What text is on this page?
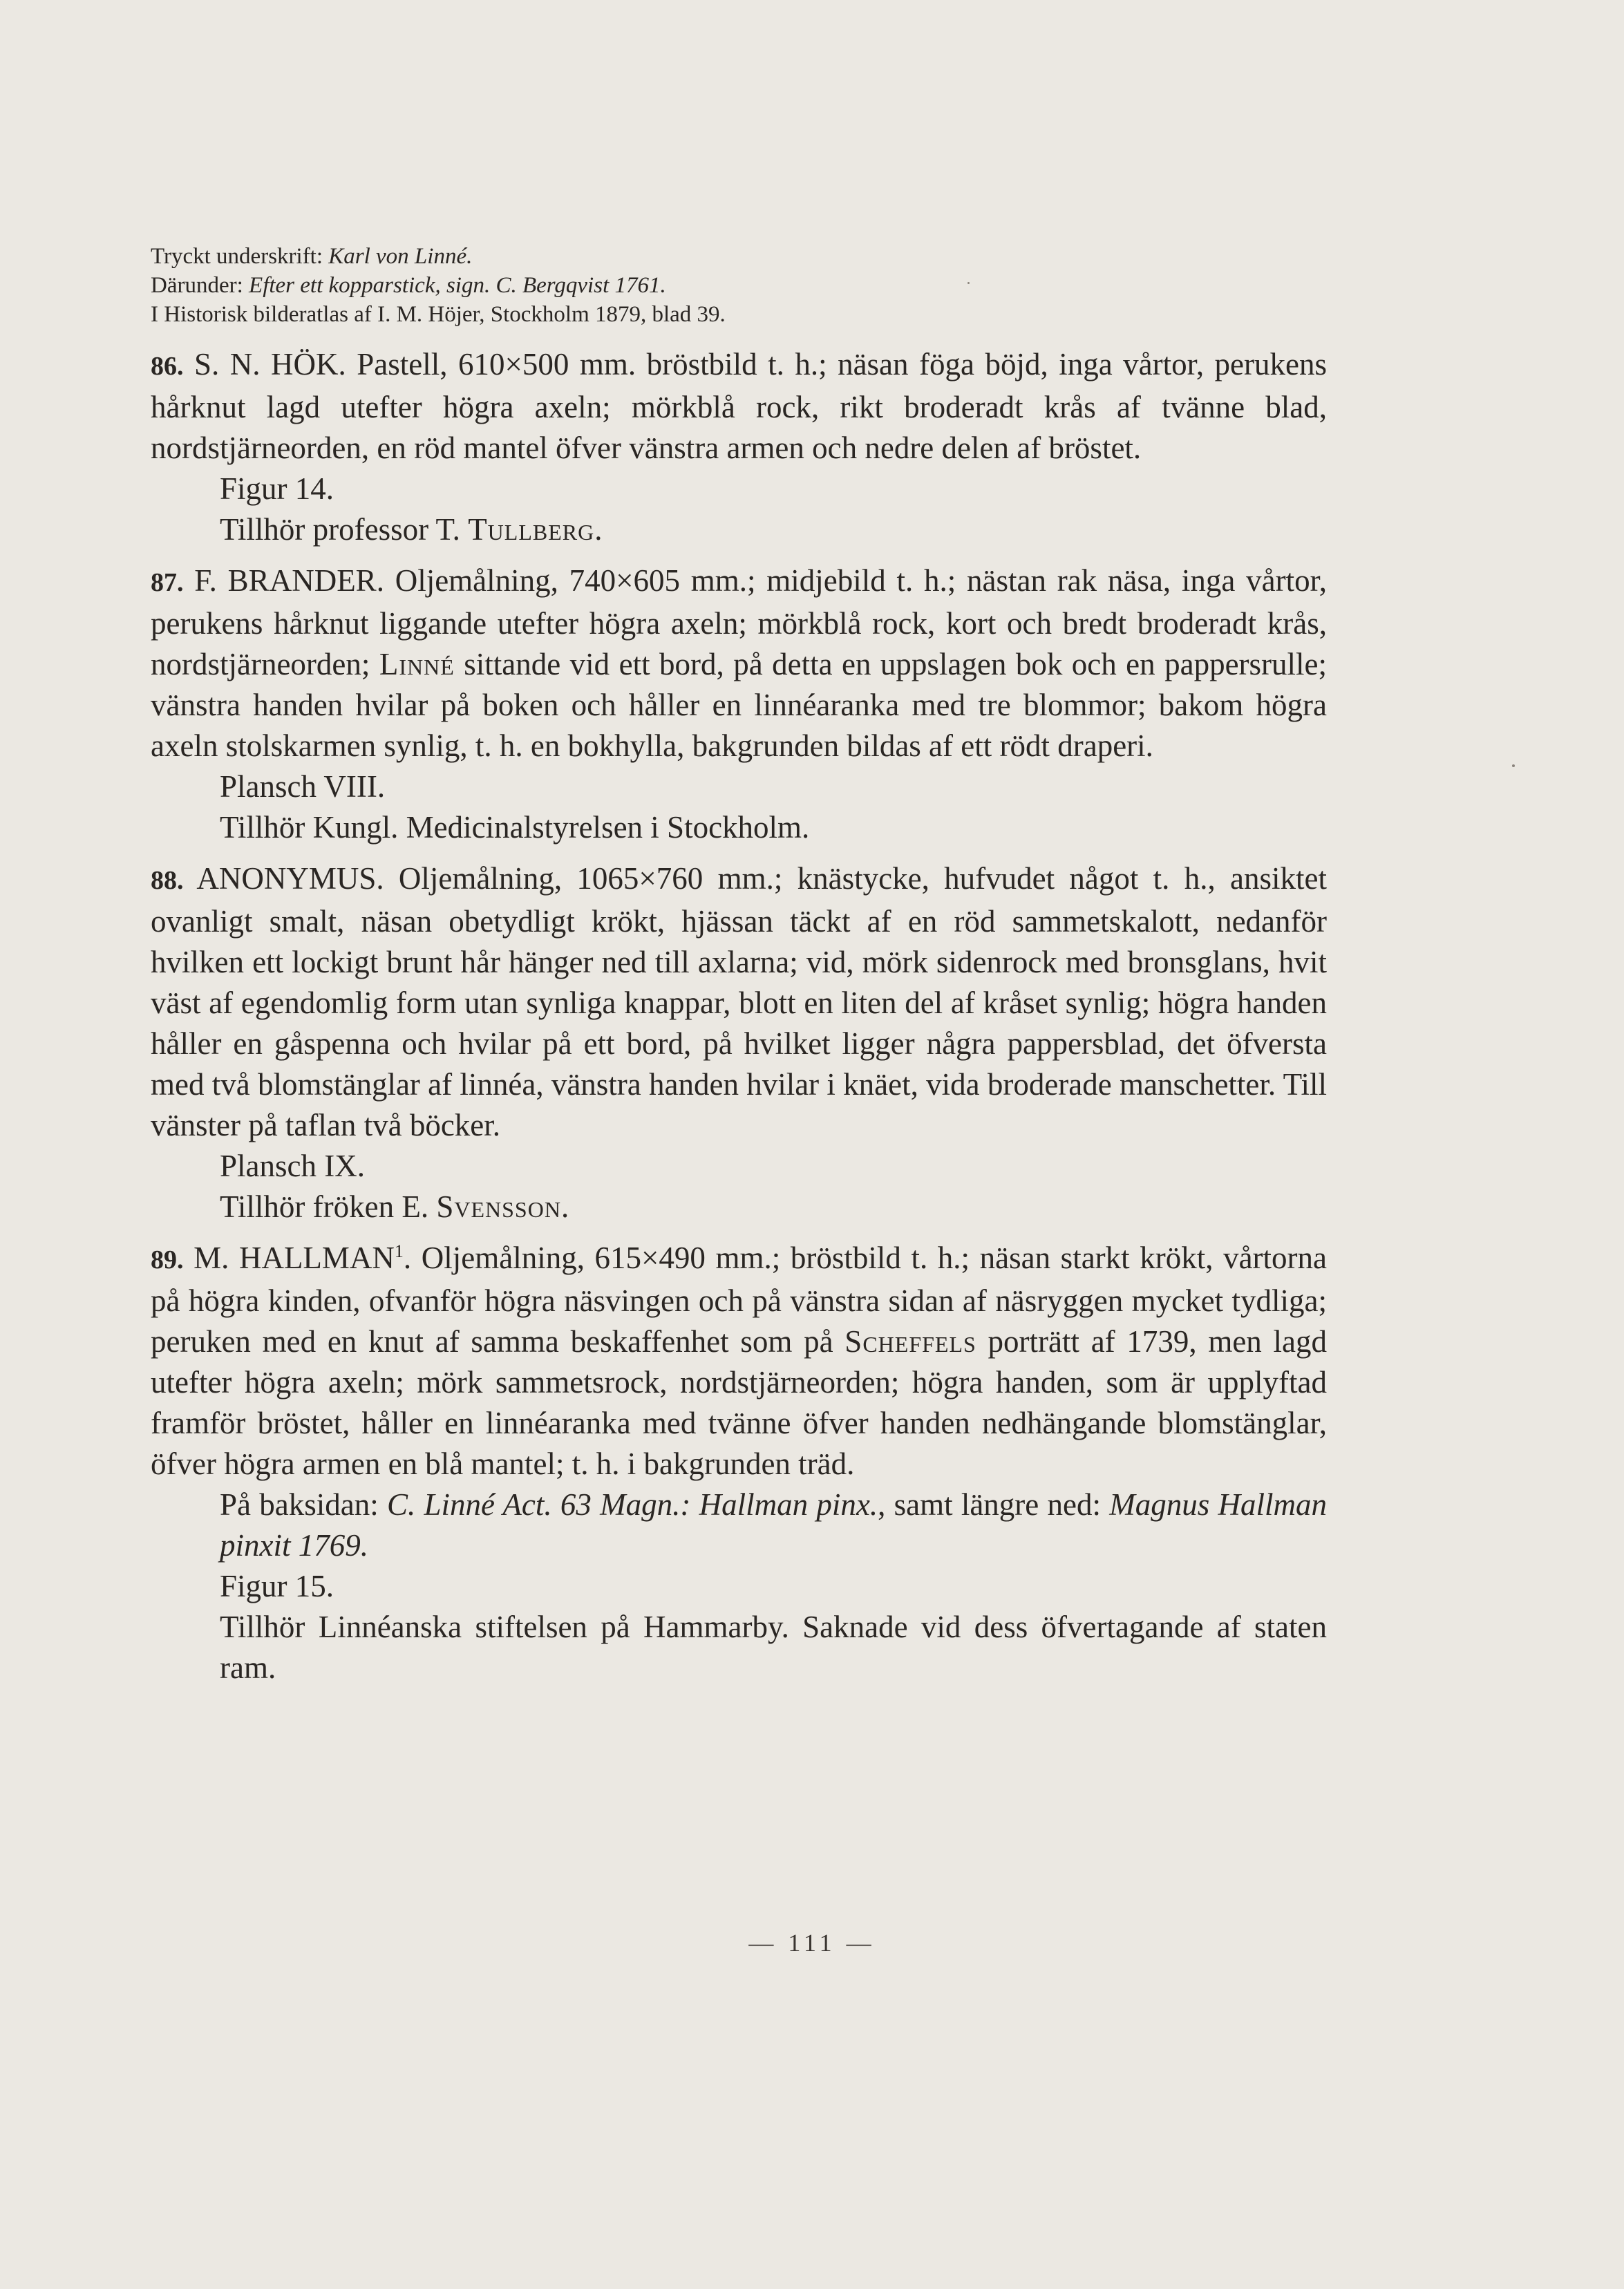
Tryckt underskrift: Karl von Linné.

Därunder: Efter ett kopparstick, sign. C. Bergqvist 1761.

I Historisk bilderatlas af I. M. Höjer, Stockholm 1879, blad 39.

86. S. N. HÖK. Pastell, 610×500 mm. bröstbild t. h.; näsan föga böjd, inga vårtor, perukens hårknut lagd utefter högra axeln; mörkblå rock, rikt broderadt krås af tvänne blad, nordstjärneorden, en röd mantel öfver vänstra armen och nedre delen af bröstet.

Figur 14.

Tillhör professor T. Tullberg.

87. F. BRANDER. Oljemålning, 740×605 mm.; midjebild t. h.; nästan rak näsa, inga vårtor, perukens hårknut liggande utefter högra axeln; mörkblå rock, kort och bredt broderadt krås, nordstjärneorden; Linné sittande vid ett bord, på detta en uppslagen bok och en pappersrulle; vänstra handen hvilar på boken och håller en linnéaranka med tre blommor; bakom högra axeln stolskarmen synlig, t. h. en bokhylla, bakgrunden bildas af ett rödt draperi.

Plansch VIII.

Tillhör Kungl. Medicinalstyrelsen i Stockholm.

88. ANONYMUS. Oljemålning, 1065×760 mm.; knästycke, hufvudet något t. h., ansiktet ovanligt smalt, näsan obetydligt krökt, hjässan täckt af en röd sammetskalott, nedanför hvilken ett lockigt brunt hår hänger ned till axlarna; vid, mörk sidenrock med bronsglans, hvit väst af egendomlig form utan synliga knappar, blott en liten del af kråset synlig; högra handen håller en gåspenna och hvilar på ett bord, på hvilket ligger några pappersblad, det öfversta med två blomstänglar af linnéa, vänstra handen hvilar i knäet, vida broderade manschetter. Till vänster på taflan två böcker.

Plansch IX.

Tillhör fröken E. Svensson.

89. M. HALLMAN$^1$. Oljemålning, 615×490 mm.; bröstbild t. h.; näsan starkt krökt, vårtorna på högra kinden, ofvanför högra näsvingen och på vänstra sidan af näsryggen mycket tydliga; peruken med en knut af samma beskaffenhet som på Scheffels porträtt af 1739, men lagd utefter högra axeln; mörk sammetsrock, nordstjärneorden; högra handen, som är upplyftad framför bröstet, håller en linnéaranka med tvänne öfver handen nedhängande blomstänglar, öfver högra armen en blå mantel; t. h. i bakgrunden träd.

På baksidan: C. Linné Act. 63 Magn.: Hallman pinx., samt längre ned: Magnus Hallman pinxit 1769.

Figur 15.

Tillhör Linnéanska stiftelsen på Hammarby. Saknade vid dess öfvertagande af staten ram.

— 111 —
